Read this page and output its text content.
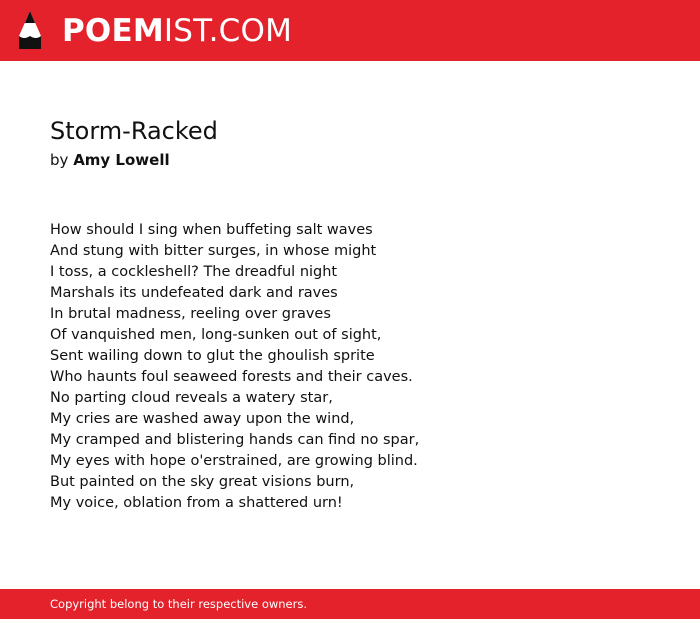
POEMIST.COM
Storm-Racked
by Amy Lowell
How should I sing when buffeting salt waves
And stung with bitter surges, in whose might
I toss, a cockleshell? The dreadful night
Marshals its undefeated dark and raves
In brutal madness, reeling over graves
Of vanquished men, long-sunken out of sight,
Sent wailing down to glut the ghoulish sprite
Who haunts foul seaweed forests and their caves.
No parting cloud reveals a watery star,
My cries are washed away upon the wind,
My cramped and blistering hands can find no spar,
My eyes with hope o'erstrained, are growing blind.
But painted on the sky great visions burn,
My voice, oblation from a shattered urn!
Copyright belong to their respective owners.
